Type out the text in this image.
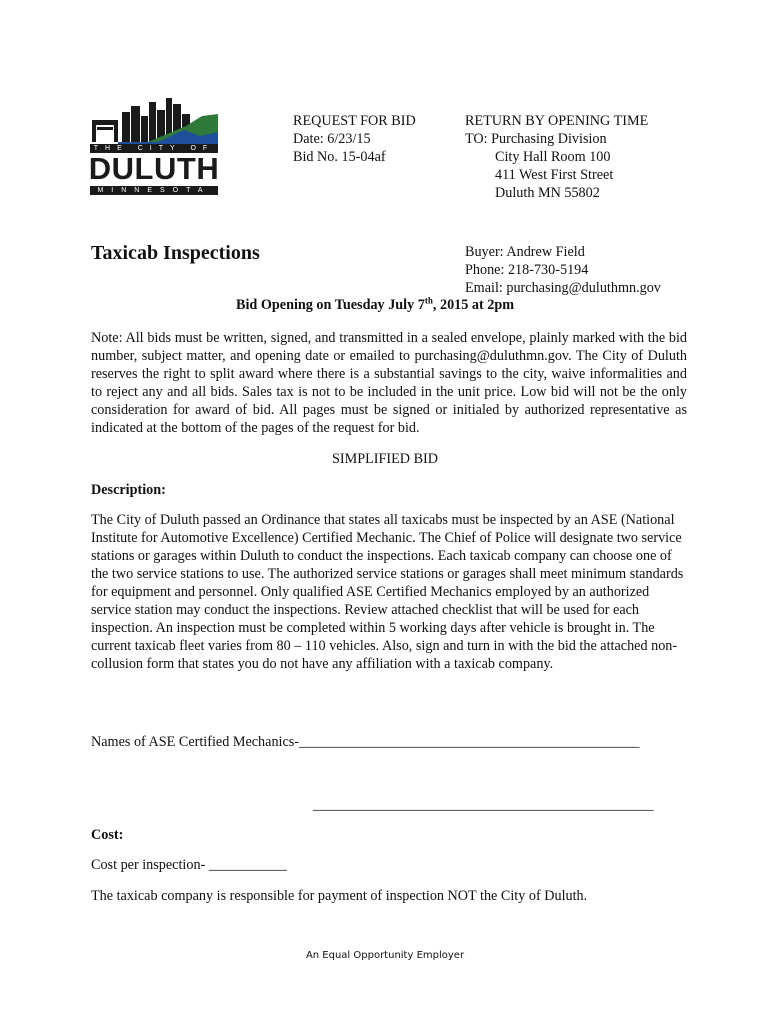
THE CITY OF
DULUTH
MINNESOTA
REQUEST FOR BID
Date: 6/23/15
Bid No. 15-04af
RETURN BY OPENING TIME
TO: Purchasing Division
City Hall Room 100
411 West First Street
Duluth MN 55802
Taxicab Inspections	Buyer: Andrew Field
Phone: 218-730-5194
Email: purchasing@duluthmn.gov
Bid Opening on Tuesday July 7th, 2015 at 2pm
Note: All bids must be written, signed, and transmitted in a sealed envelope, plainly marked with the bid number, subject matter, and opening date or emailed to purchasing@duluthmn.gov. The City of Duluth reserves the right to split award where there is a substantial savings to the city, waive informalities and to reject any and all bids. Sales tax is not to be included in the unit price. Low bid will not be the only consideration for award of bid. All pages must be signed or initialed by authorized representative as indicated at the bottom of the pages of the request for bid.
SIMPLIFIED BID
Description:
The City of Duluth passed an Ordinance that states all taxicabs must be inspected by an ASE (National Institute for Automotive Excellence) Certified Mechanic. The Chief of Police will designate two service stations or garages within Duluth to conduct the inspections. Each taxicab company can choose one of the two service stations to use. The authorized service stations or garages shall meet minimum standards for equipment and personnel. Only qualified ASE Certified Mechanics employed by an authorized service station may conduct the inspections. Review attached checklist that will be used for each inspection. An inspection must be completed within 5 working days after vehicle is brought in. The current taxicab fleet varies from 80 – 110 vehicles. Also, sign and turn in with the bid the attached non-collusion form that states you do not have any affiliation with a taxicab company.
Names of ASE Certified Mechanics-________________________________________________
________________________________________________
Cost:
Cost per inspection- ___________
The taxicab company is responsible for payment of inspection NOT the City of Duluth.
An Equal Opportunity Employer
